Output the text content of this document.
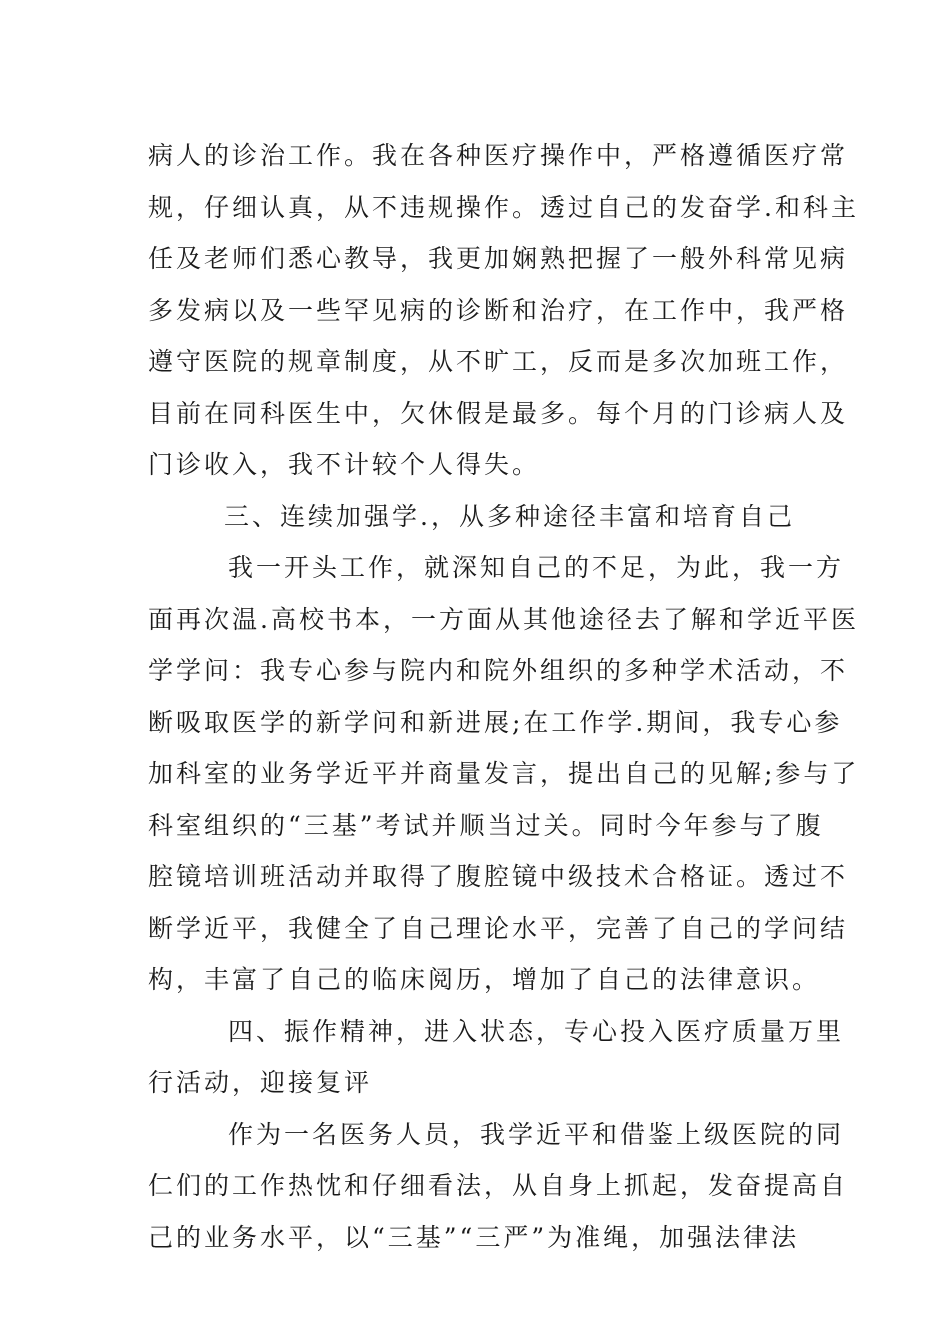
病人的诊治工作。我在各种医疗操作中，严格遵循医疗常
规，仔细认真，从不违规操作。透过自己的发奋学.和科主
任及老师们悉心教导，我更加娴熟把握了一般外科常见病
多发病以及一些罕见病的诊断和治疗，在工作中，我严格
遵守医院的规章制度，从不旷工，反而是多次加班工作，
目前在同科医生中，欠休假是最多。每个月的门诊病人及
门诊收入，我不计较个人得失。
三、连续加强学.，从多种途径丰富和培育自己
我一开头工作，就深知自己的不足，为此，我一方
面再次温.高校书本，一方面从其他途径去了解和学近平医
学学问：我专心参与院内和院外组织的多种学术活动，不
断吸取医学的新学问和新进展;在工作学.期间，我专心参
加科室的业务学近平并商量发言，提出自己的见解;参与了
科室组织的“三基”考试并顺当过关。同时今年参与了腹
腔镜培训班活动并取得了腹腔镜中级技术合格证。透过不
断学近平，我健全了自己理论水平，完善了自己的学问结
构，丰富了自己的临床阅历，增加了自己的法律意识。
四、振作精神，进入状态，专心投入医疗质量万里
行活动，迎接复评
作为一名医务人员，我学近平和借鉴上级医院的同
仁们的工作热忱和仔细看法，从自身上抓起，发奋提高自
己的业务水平，以“三基”“三严”为准绳，加强法律法
